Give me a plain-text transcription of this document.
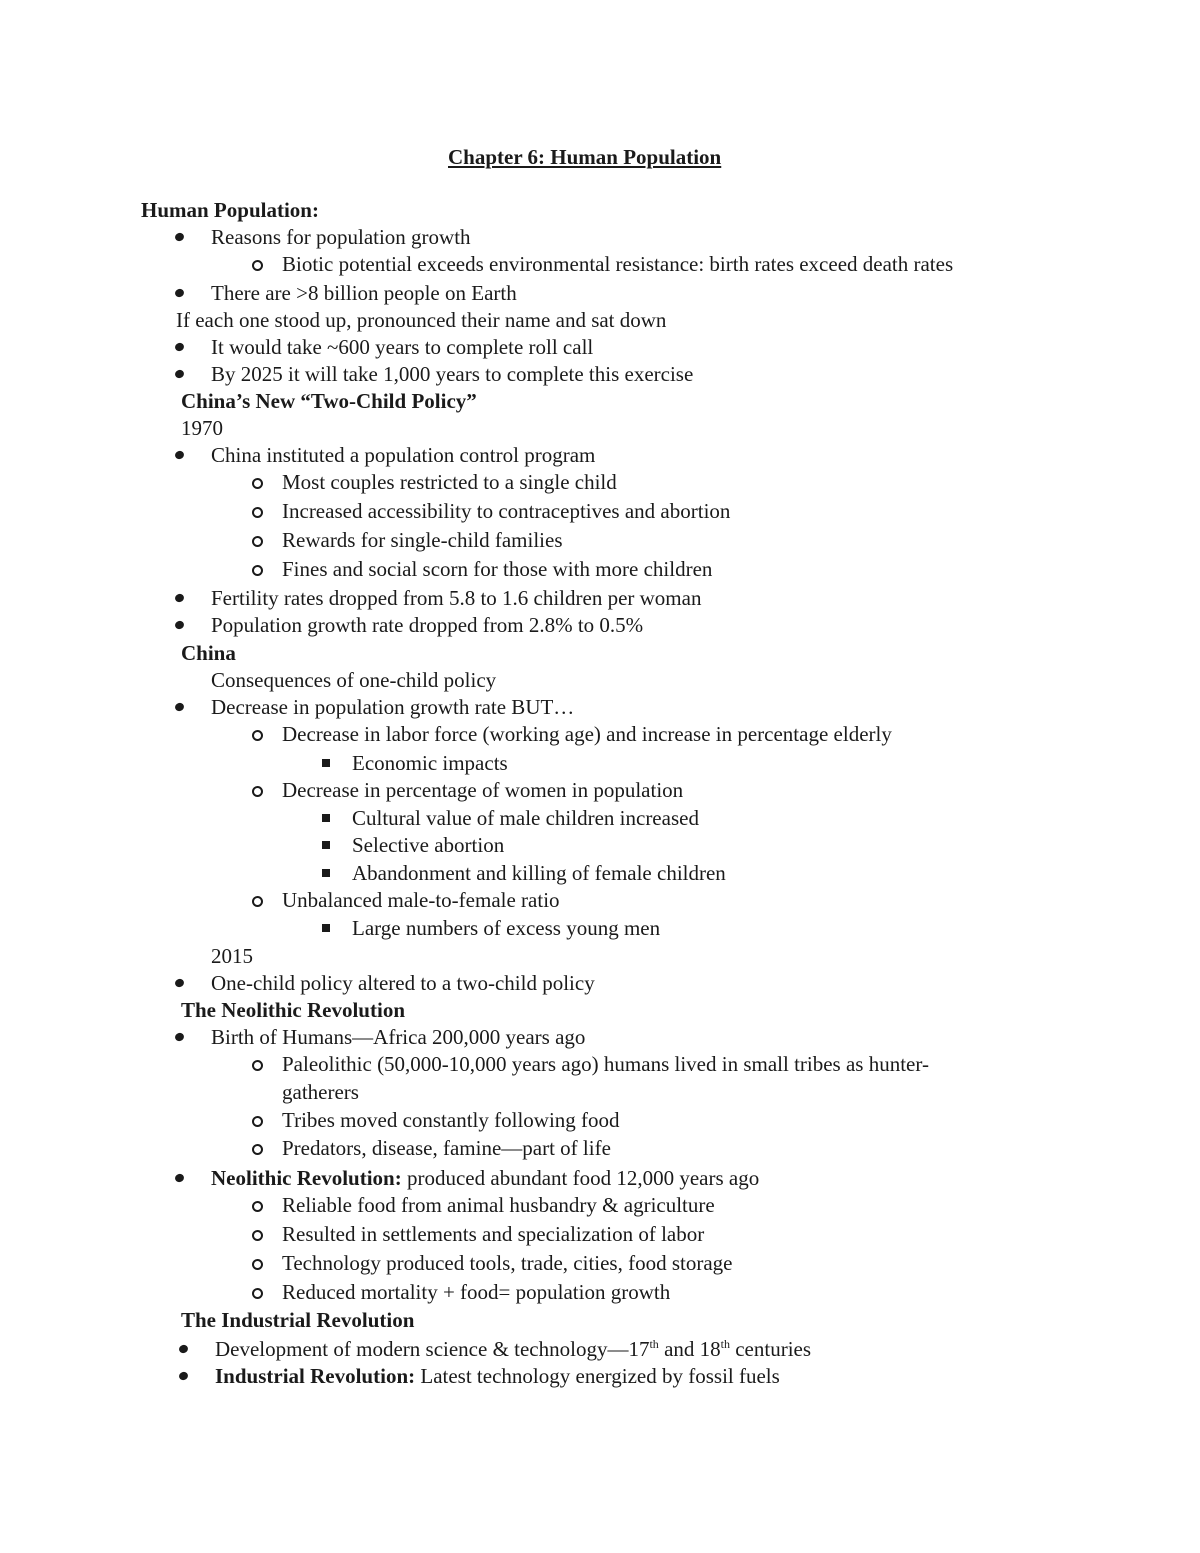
Chapter 6: Human Population
Human Population:
Reasons for population growth
Biotic potential exceeds environmental resistance: birth rates exceed death rates
There are >8 billion people on Earth
If each one stood up, pronounced their name and sat down
It would take ~600 years to complete roll call
By 2025 it will take 1,000 years to complete this exercise
China’s New “Two-Child Policy”
1970
China instituted a population control program
Most couples restricted to a single child
Increased accessibility to contraceptives and abortion
Rewards for single-child families
Fines and social scorn for those with more children
Fertility rates dropped from 5.8 to 1.6 children per woman
Population growth rate dropped from 2.8% to 0.5%
China
Consequences of one-child policy
Decrease in population growth rate BUT…
Decrease in labor force (working age) and increase in percentage elderly
Economic impacts
Decrease in percentage of women in population
Cultural value of male children increased
Selective abortion
Abandonment and killing of female children
Unbalanced male-to-female ratio
Large numbers of excess young men
2015
One-child policy altered to a two-child policy
The Neolithic Revolution
Birth of Humans—Africa 200,000 years ago
Paleolithic (50,000-10,000 years ago) humans lived in small tribes as hunter-
gatherers
Tribes moved constantly following food
Predators, disease, famine—part of life
Neolithic Revolution: produced abundant food 12,000 years ago
Reliable food from animal husbandry & agriculture
Resulted in settlements and specialization of labor
Technology produced tools, trade, cities, food storage
Reduced mortality + food= population growth
The Industrial Revolution
Development of modern science & technology—17th and 18th centuries
Industrial Revolution: Latest technology energized by fossil fuels
